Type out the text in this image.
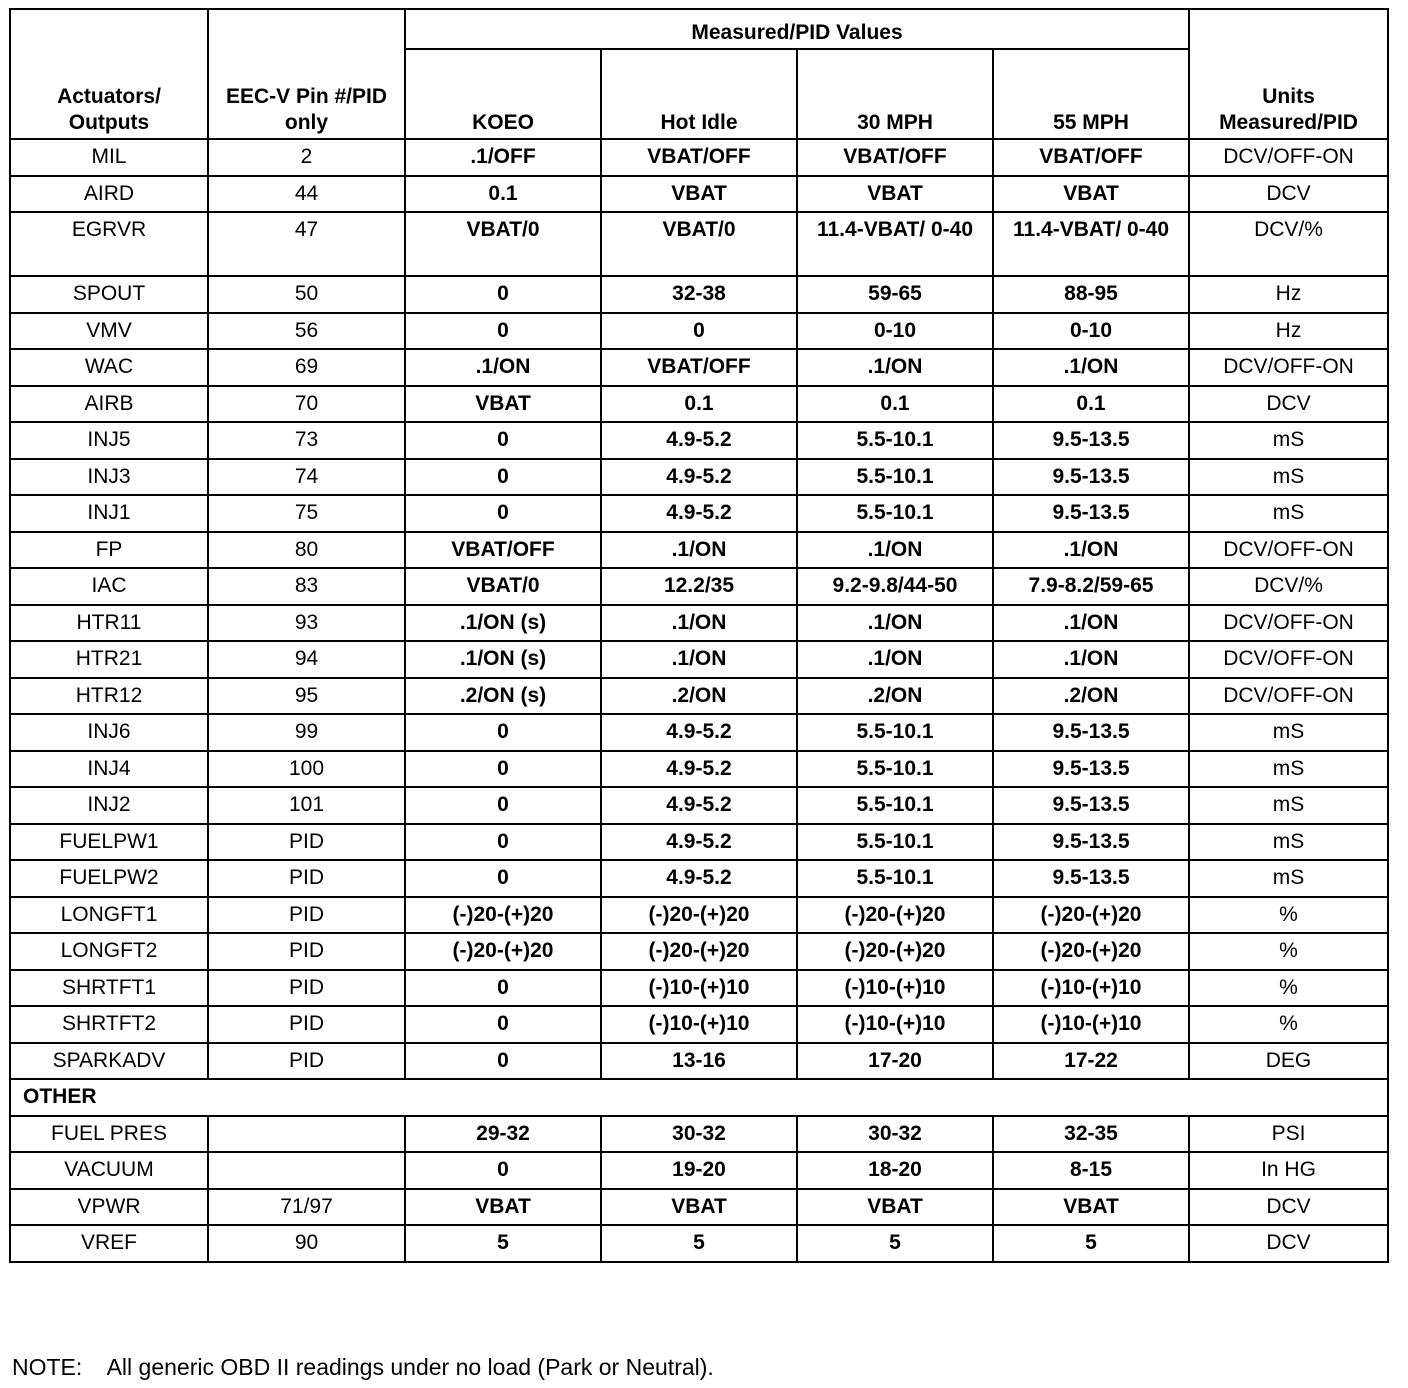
Actuators/ Outputs	EEC-V Pin #/PID only	Measured/PID Values				Units Measured/PID
		KOEO	Hot Idle	30 MPH	55 MPH	
MIL	2	.1/OFF	VBAT/OFF	VBAT/OFF	VBAT/OFF	DCV/OFF-ON
AIRD	44	0.1	VBAT	VBAT	VBAT	DCV
EGRVR	47	VBAT/0	VBAT/0	11.4-VBAT/ 0-40	11.4-VBAT/ 0-40	DCV/%
SPOUT	50	0	32-38	59-65	88-95	Hz
VMV	56	0	0	0-10	0-10	Hz
WAC	69	.1/ON	VBAT/OFF	.1/ON	.1/ON	DCV/OFF-ON
AIRB	70	VBAT	0.1	0.1	0.1	DCV
INJ5	73	0	4.9-5.2	5.5-10.1	9.5-13.5	mS
INJ3	74	0	4.9-5.2	5.5-10.1	9.5-13.5	mS
INJ1	75	0	4.9-5.2	5.5-10.1	9.5-13.5	mS
FP	80	VBAT/OFF	.1/ON	.1/ON	.1/ON	DCV/OFF-ON
IAC	83	VBAT/0	12.2/35	9.2-9.8/44-50	7.9-8.2/59-65	DCV/%
HTR11	93	.1/ON (s)	.1/ON	.1/ON	.1/ON	DCV/OFF-ON
HTR21	94	.1/ON (s)	.1/ON	.1/ON	.1/ON	DCV/OFF-ON
HTR12	95	.2/ON (s)	.2/ON	.2/ON	.2/ON	DCV/OFF-ON
INJ6	99	0	4.9-5.2	5.5-10.1	9.5-13.5	mS
INJ4	100	0	4.9-5.2	5.5-10.1	9.5-13.5	mS
INJ2	101	0	4.9-5.2	5.5-10.1	9.5-13.5	mS
FUELPW1	PID	0	4.9-5.2	5.5-10.1	9.5-13.5	mS
FUELPW2	PID	0	4.9-5.2	5.5-10.1	9.5-13.5	mS
LONGFT1	PID	(-)20-(+)20	(-)20-(+)20	(-)20-(+)20	(-)20-(+)20	%
LONGFT2	PID	(-)20-(+)20	(-)20-(+)20	(-)20-(+)20	(-)20-(+)20	%
SHRTFT1	PID	0	(-)10-(+)10	(-)10-(+)10	(-)10-(+)10	%
SHRTFT2	PID	0	(-)10-(+)10	(-)10-(+)10	(-)10-(+)10	%
SPARKADV	PID	0	13-16	17-20	17-22	DEG
OTHER						
FUEL PRES		29-32	30-32	30-32	32-35	PSI
VACUUM		0	19-20	18-20	8-15	In HG
VPWR	71/97	VBAT	VBAT	VBAT	VBAT	DCV
VREF	90	5	5	5	5	DCV
NOTE:    All generic OBD II readings under no load (Park or Neutral).
